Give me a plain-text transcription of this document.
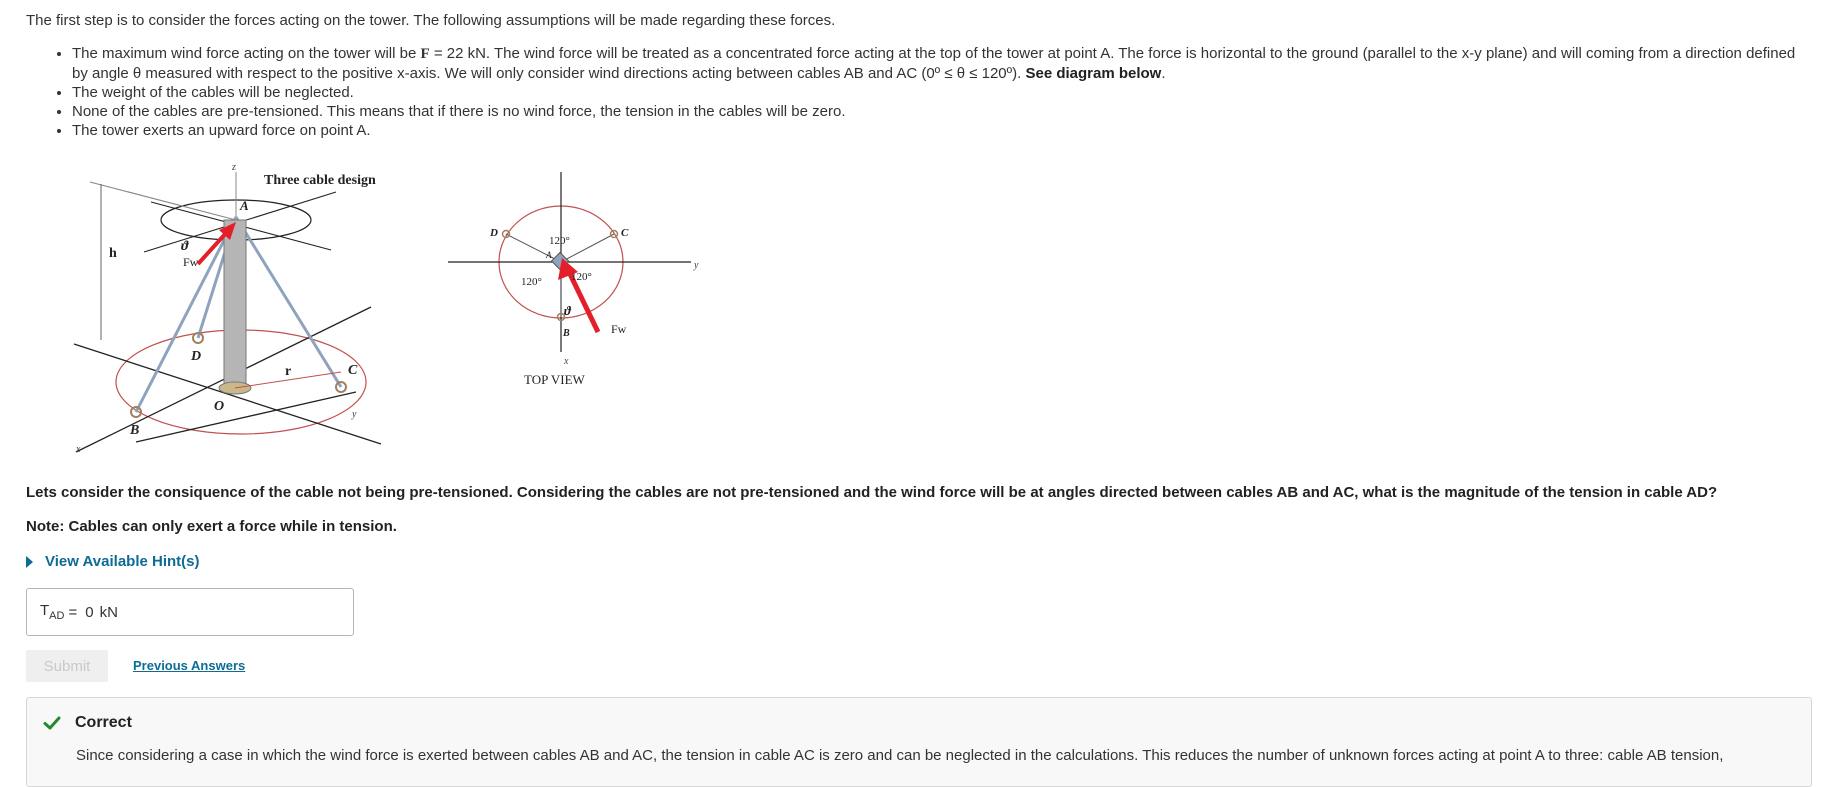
The first step is to consider the forces acting on the tower. The following assumptions will be made regarding these forces.

• The maximum wind force acting on the tower will be F = 22 kN. The wind force will be treated as a concentrated force acting at the top of the tower at point A. The force is horizontal to the ground (parallel to the x-y plane) and will coming from a direction defined by angle θ measured with respect to the positive x-axis. We will only consider wind directions acting between cables AB and AC (0º ≤ θ ≤ 120º). See diagram below.
• The weight of the cables will be neglected.
• None of the cables are pre-tensioned. This means that if there is no wind force, the tension in the cables will be zero.
• The tower exerts an upward force on point A.
Three cable design
z
A
h	ϑ
Fw
D
O
r	C
B
x
y
D	C
A
120°
120°	120°
ϑ
B	Fw
x
y
TOP VIEW

Lets consider the consiquence of the cable not being pre-tensioned. Considering the cables are not pre-tensioned and the wind force will be at angles directed between cables AB and AC, what is the magnitude of the tension in cable AD?

Note: Cables can only exert a force while in tension.

View Available Hint(s)
$T_{AD} = 0$ kN
Submit	Previous Answers
Correct
Since considering a case in which the wind force is exerted between cables AB and AC, the tension in cable AC is zero and can be neglected in the calculations. This reduces the number of unknown forces acting at point A to three: cable AB tension,
